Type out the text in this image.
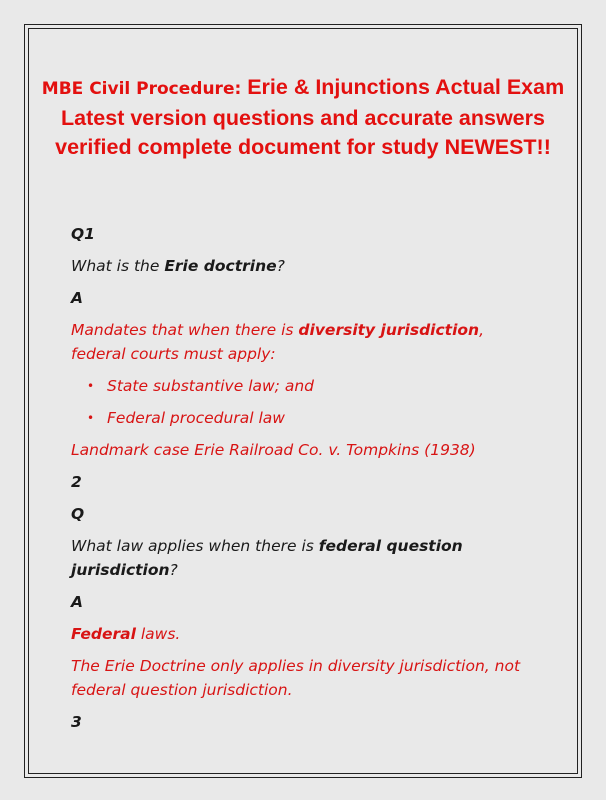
MBE Civil Procedure: Erie & Injunctions Actual Exam Latest version questions and accurate answers verified complete document for study NEWEST!!

Q1

What is the Erie doctrine?

A

Mandates that when there is diversity jurisdiction, federal courts must apply:

• State substantive law; and
• Federal procedural law

Landmark case Erie Railroad Co. v. Tompkins (1938)

2

Q

What law applies when there is federal question jurisdiction?

A

Federal laws.

The Erie Doctrine only applies in diversity jurisdiction, not federal question jurisdiction.

3
